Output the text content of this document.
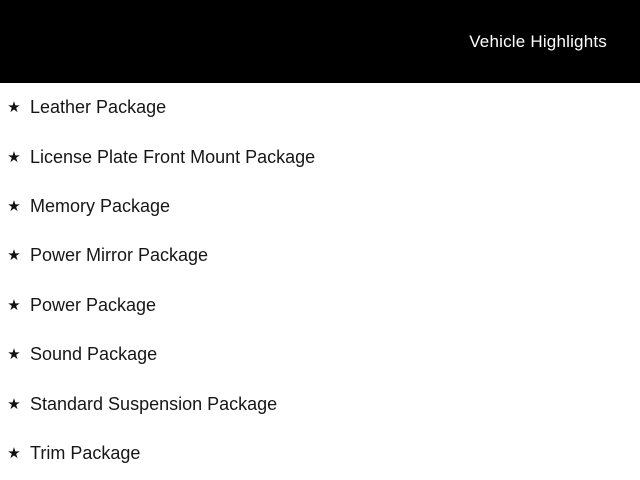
Vehicle Highlights
★ Leather Package
★ License Plate Front Mount Package
★ Memory Package
★ Power Mirror Package
★ Power Package
★ Sound Package
★ Standard Suspension Package
★ Trim Package
